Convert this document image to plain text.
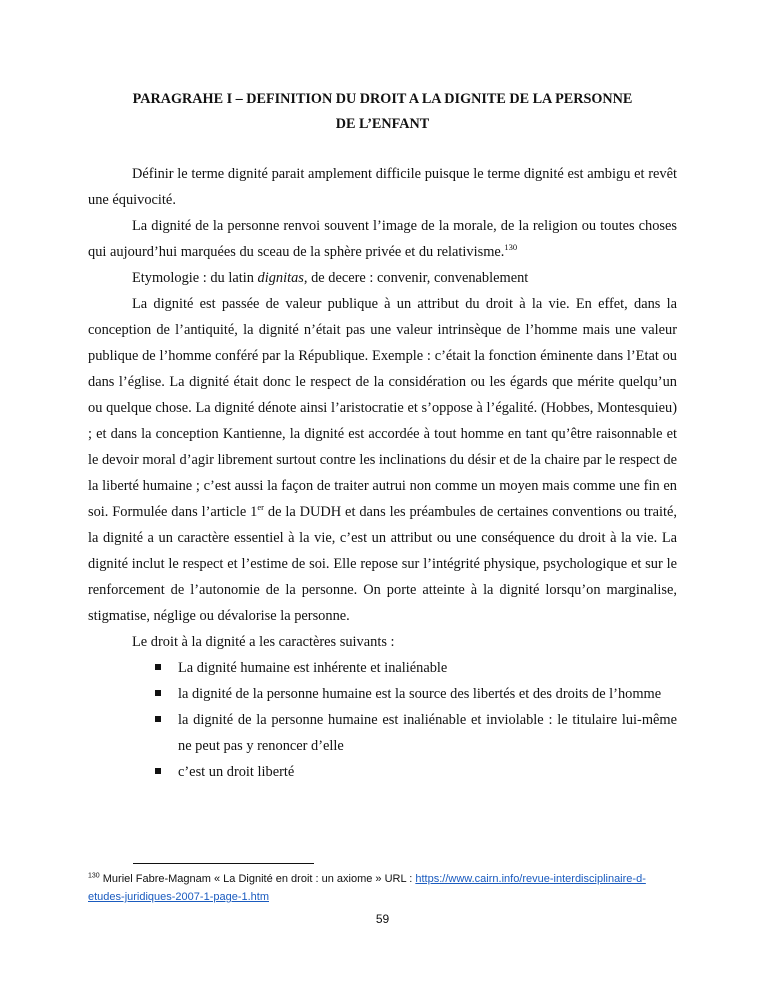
PARAGRAHE I – DEFINITION DU DROIT A LA DIGNITE DE LA PERSONNE
DE L’ENFANT

Définir le terme dignité parait amplement difficile puisque le terme dignité est ambigu et revêt une équivocité.

La dignité de la personne renvoi souvent l’image de la morale, de la religion ou toutes choses qui aujourd’hui marquées du sceau de la sphère privée et du relativisme.$^{130}$

Etymologie : du latin dignitas, de decere : convenir, convenablement

La dignité est passée de valeur publique à un attribut du droit à la vie. En effet, dans la conception de l’antiquité, la dignité n’était pas une valeur intrinsèque de l’homme mais une valeur publique de l’homme conféré par la République. Exemple : c’était la fonction éminente dans l’Etat ou dans l’église. La dignité était donc le respect de la considération ou les égards que mérite quelqu’un ou quelque chose. La dignité dénote ainsi l’aristocratie et s’oppose à l’égalité. (Hobbes, Montesquieu) ; et dans la conception Kantienne, la dignité est accordée à tout homme en tant qu’être raisonnable et le devoir moral d’agir librement surtout contre les inclinations du désir et de la chaire par le respect de la liberté humaine ; c’est aussi la façon de traiter autrui non comme un moyen mais comme une fin en soi. Formulée dans l’article 1er de la DUDH et dans les préambules de certaines conventions ou traité, la dignité a un caractère essentiel à la vie, c’est un attribut ou une conséquence du droit à la vie. La dignité inclut le respect et l’estime de soi. Elle repose sur l’intégrité physique, psychologique et sur le renforcement de l’autonomie de la personne. On porte atteinte à la dignité lorsqu’on marginalise, stigmatise, néglige ou dévalorise la personne.

Le droit à la dignité a les caractères suivants :

La dignité humaine est inhérente et inaliénable
la dignité de la personne humaine est la source des libertés et des droits de l’homme
la dignité de la personne humaine est inaliénable et inviolable : le titulaire lui-même ne peut pas y renoncer d’elle
c’est un droit liberté
$^{130}$ Muriel Fabre-Magnam « La Dignité en droit : un axiome » URL : https://www.cairn.info/revue-interdisciplinaire-d-etudes-juridiques-2007-1-page-1.htm
59
